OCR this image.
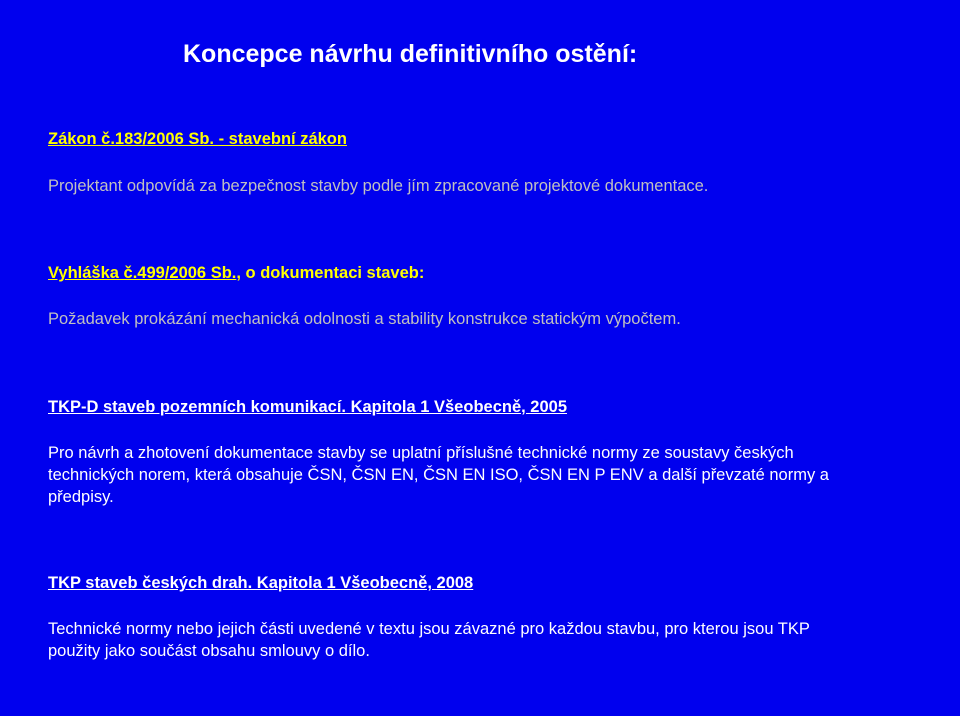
Koncepce návrhu definitivního ostění:
Zákon č.183/2006 Sb. - stavební zákon
Projektant odpovídá za bezpečnost stavby podle jím zpracované projektové dokumentace.
Vyhláška č.499/2006 Sb., o dokumentaci staveb:
Požadavek prokázání mechanická odolnosti a stability konstrukce statickým výpočtem.
TKP-D staveb pozemních komunikací. Kapitola 1 Všeobecně, 2005
Pro návrh a zhotovení dokumentace stavby se uplatní příslušné technické normy ze soustavy českých
technických norem, která obsahuje ČSN, ČSN EN, ČSN EN ISO, ČSN EN P ENV a další převzaté normy a
předpisy.
TKP staveb českých drah. Kapitola 1 Všeobecně, 2008
Technické normy nebo jejich části uvedené v textu jsou závazné pro každou stavbu, pro kterou jsou TKP
použity jako součást obsahu smlouvy o dílo.
